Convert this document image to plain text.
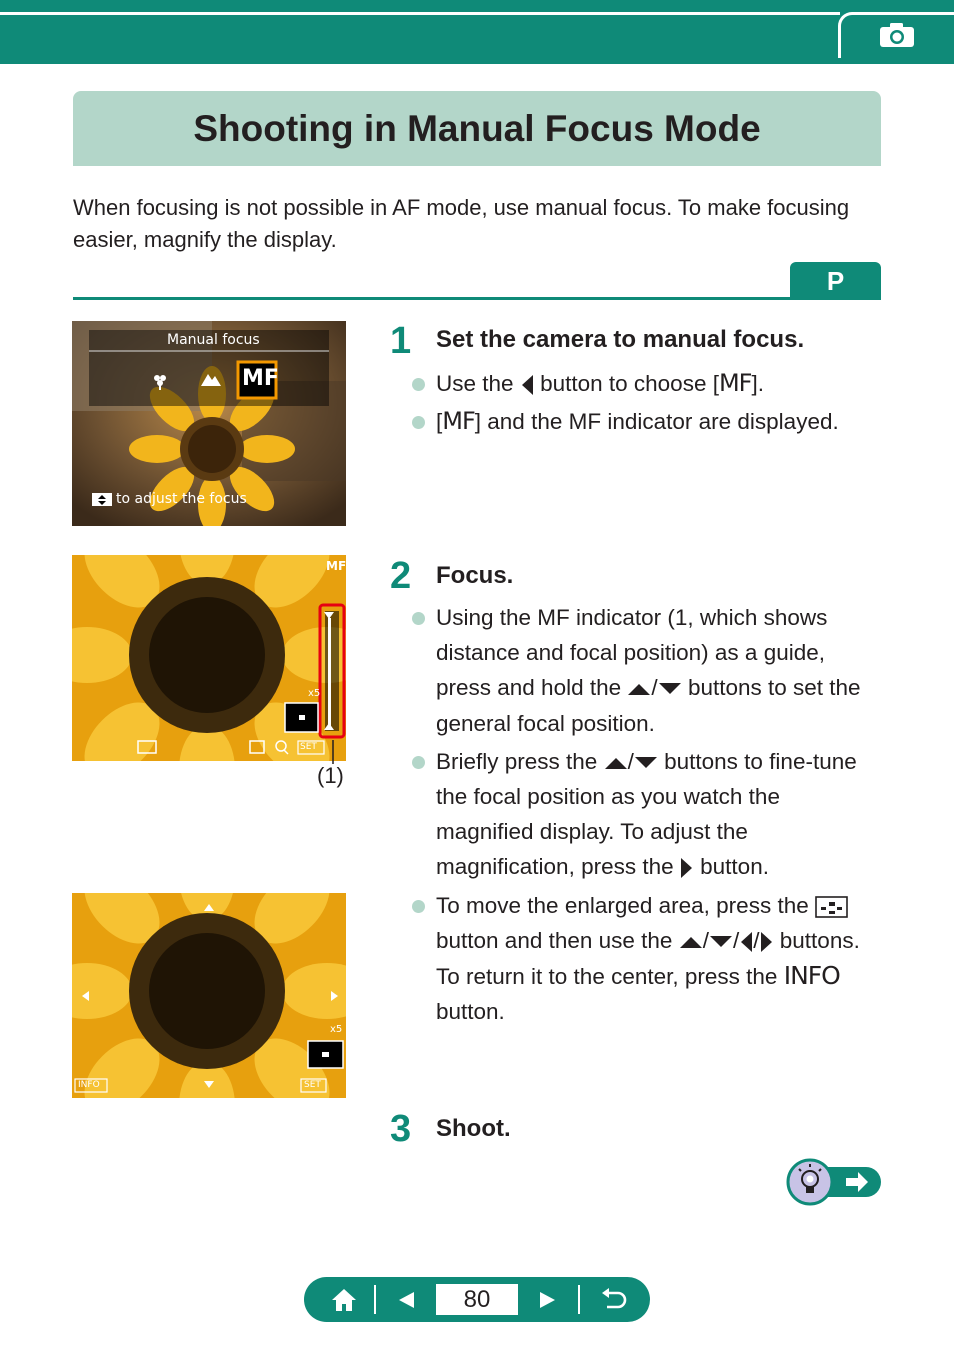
Shooting in Manual Focus Mode

When focusing is not possible in AF mode, use manual focus. To make focusing easier, magnify the display.

P
Manual focus
MF
to adjust the focus
MF
SET
x5
(1)
INFO	SET
x5
1 Set the camera to manual focus.
Use the button to choose [MF].
[MF] and the MF indicator are displayed.
2 Focus.
Using the MF indicator (1, which shows distance and focal position) as a guide, press and hold the / buttons to set the general focal position.
Briefly press the / buttons to fine-tune the focal position as you watch the magnified display. To adjust the magnification, press the button.
To move the enlarged area, press the  button and then use the / / / buttons. To return it to the center, press the INFO button.
3 Shoot.
80
